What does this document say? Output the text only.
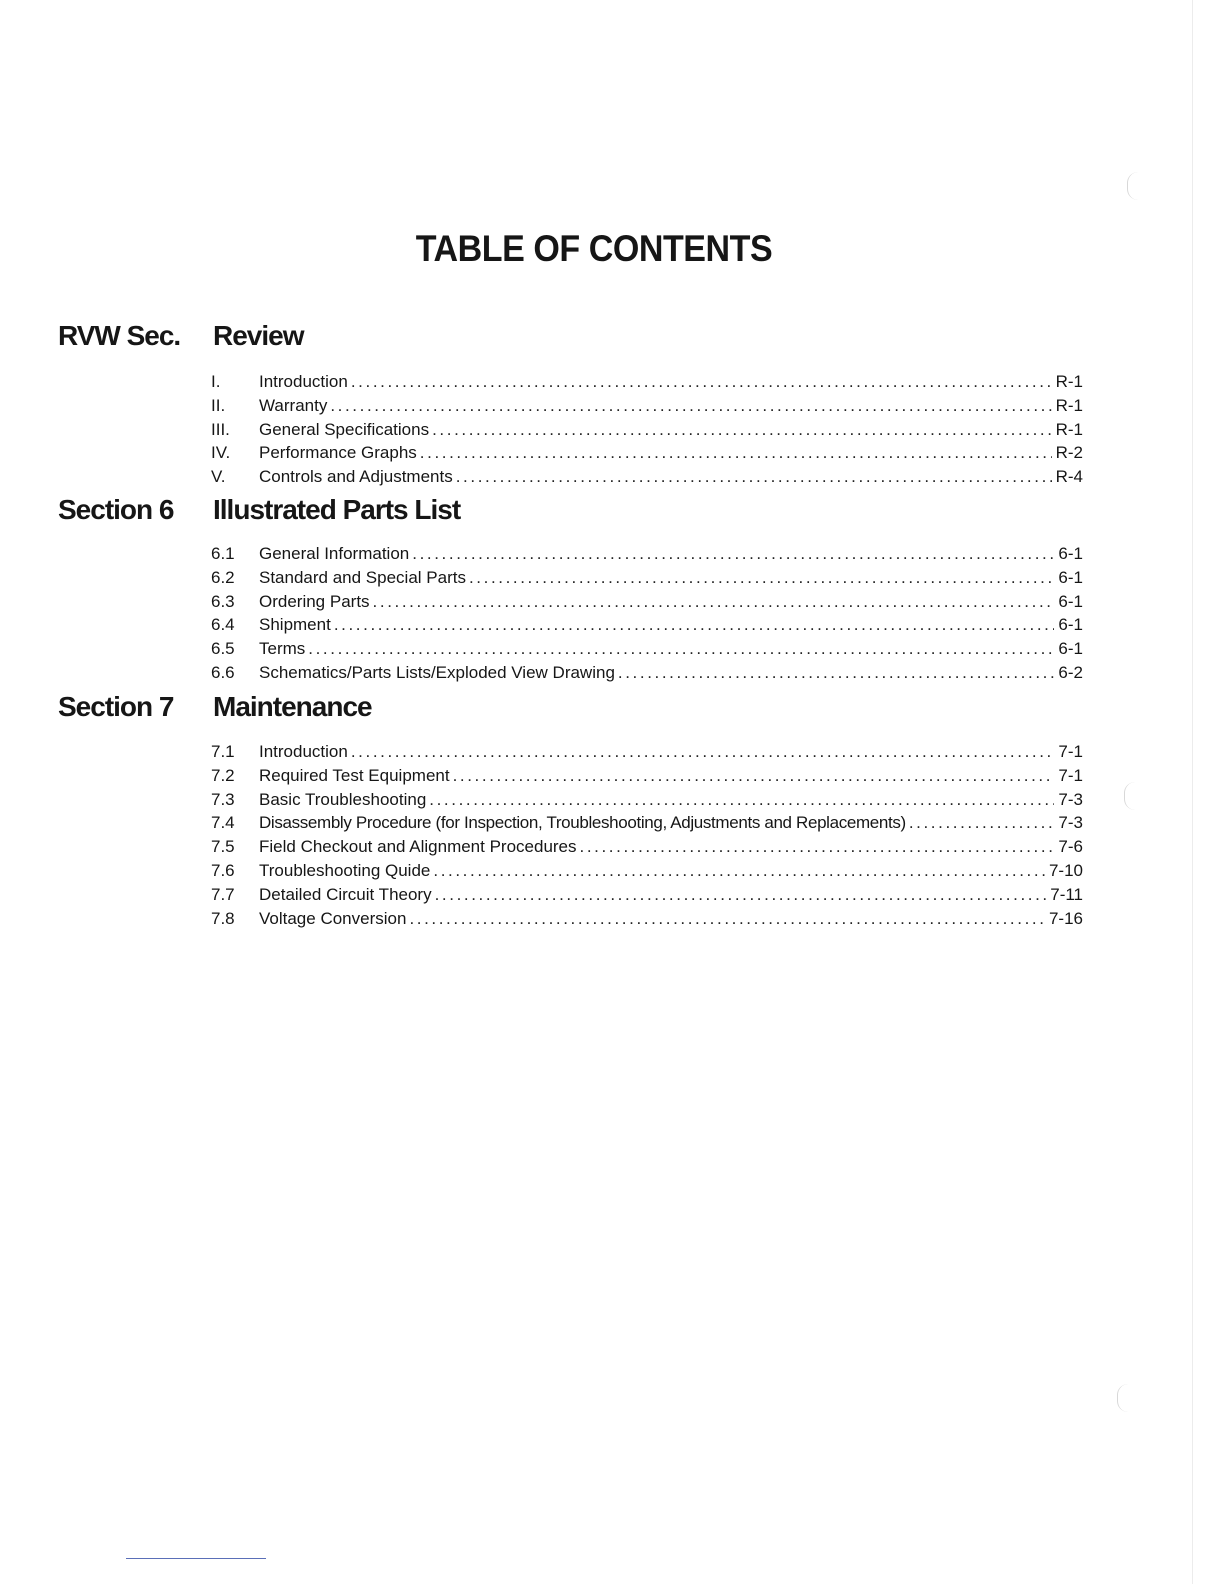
TABLE OF CONTENTS
RVW Sec. Review
I.	Introduction .....	R-1
II.	Warranty .....	R-1
III.	General Specifications .....	R-1
IV.	Performance Graphs .....	R-2
V.	Controls and Adjustments .....	R-4
Section 6 Illustrated Parts List
6.1	General Information .....	6-1
6.2	Standard and Special Parts .....	6-1
6.3	Ordering Parts .....	6-1
6.4	Shipment .....	6-1
6.5	Terms .....	6-1
6.6	Schematics/Parts Lists/Exploded View Drawing .....	6-2
Section 7 Maintenance
7.1	Introduction .....	7-1
7.2	Required Test Equipment .....	7-1
7.3	Basic Troubleshooting .....	7-3
7.4	Disassembly Procedure (for Inspection, Troubleshooting, Adjustments and Replacements) .....	7-3
7.5	Field Checkout and Alignment Procedures .....	7-6
7.6	Troubleshooting Quide .....	7-10
7.7	Detailed Circuit Theory .....	7-11
7.8	Voltage Conversion .....	7-16
